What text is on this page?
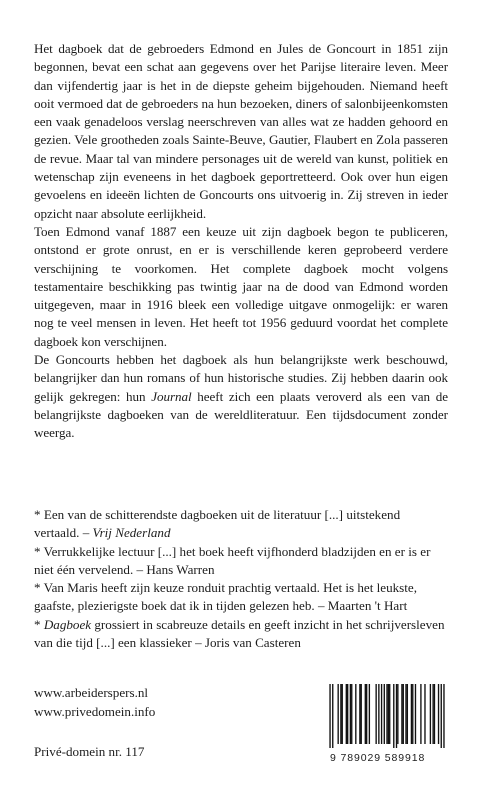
Het dagboek dat de gebroeders Edmond en Jules de Goncourt in 1851 zijn begonnen, bevat een schat aan gegevens over het Parijse literaire leven. Meer dan vijfendertig jaar is het in de diepste geheim bijgehouden. Niemand heeft ooit vermoed dat de gebroeders na hun bezoeken, diners of salonbijeenkomsten een vaak genadeloos verslag neerschreven van alles wat ze hadden gehoord en gezien. Vele grootheden zoals Sainte-Beuve, Gautier, Flaubert en Zola passeren de revue. Maar tal van mindere personages uit de wereld van kunst, politiek en wetenschap zijn eveneens in het dagboek geportretteerd. Ook over hun eigen gevoelens en ideeën lichten de Goncourts ons uitvoerig in. Zij streven in ieder opzicht naar absolute eerlijkheid.

Toen Edmond vanaf 1887 een keuze uit zijn dagboek begon te publiceren, ontstond er grote onrust, en er is verschillende keren geprobeerd verdere verschijning te voorkomen. Het complete dagboek mocht volgens testamentaire beschikking pas twintig jaar na de dood van Edmond worden uitgegeven, maar in 1916 bleek een volledige uitgave onmogelijk: er waren nog te veel mensen in leven. Het heeft tot 1956 geduurd voordat het complete dagboek kon verschijnen.

De Goncourts hebben het dagboek als hun belangrijkste werk beschouwd, belangrijker dan hun romans of hun historische studies. Zij hebben daarin ook gelijk gekregen: hun Journal heeft zich een plaats veroverd als een van de belangrijkste dagboeken van de wereldliteratuur. Een tijdsdocument zonder weerga.

* Een van de schitterendste dagboeken uit de literatuur [...] uitstekend vertaald. – Vrij Nederland

* Verrukkelijke lectuur [...] het boek heeft vijfhonderd bladzijden en er is er niet één vervelend. – Hans Warren

* Van Maris heeft zijn keuze ronduit prachtig vertaald. Het is het leukste, gaafste, plezierigste boek dat ik in tijden gelezen heb. – Maarten 't Hart

* Dagboek grossiert in scabreuze details en geeft inzicht in het schrijversleven van die tijd [...] een klassieker – Joris van Casteren

www.arbeiderspers.nl
www.privedomein.info
Privé-domein nr. 117	9 789029 589918
